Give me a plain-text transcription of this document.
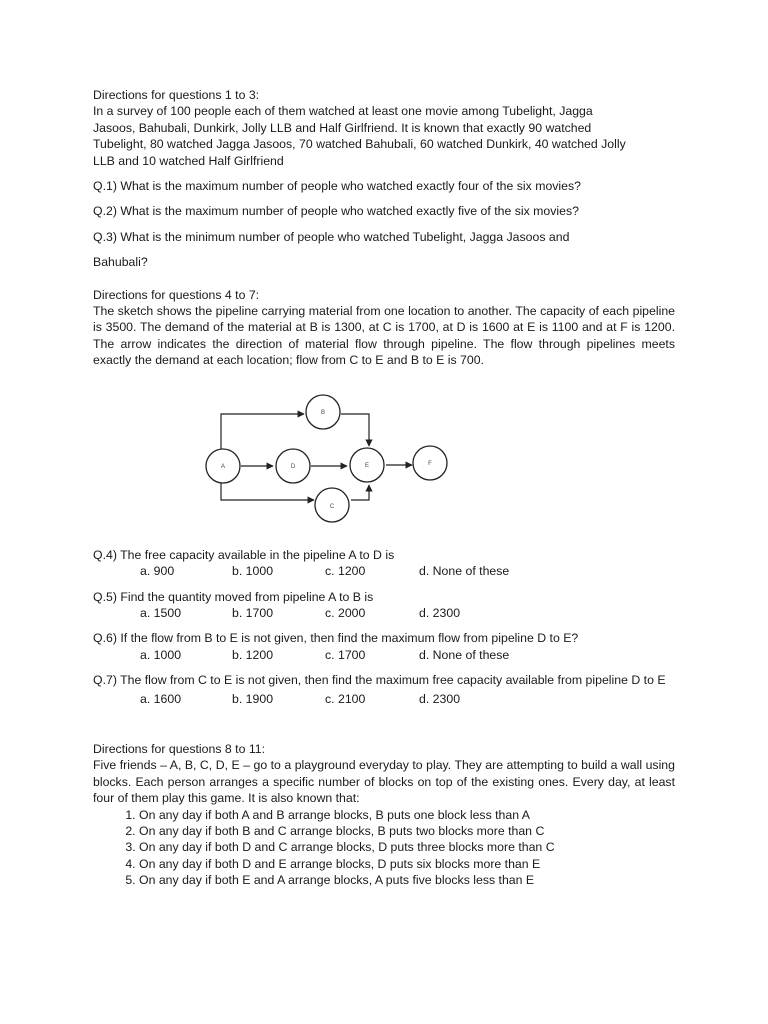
Directions for questions 1 to 3:

In a survey of 100 people each of them watched at least one movie among Tubelight, Jagga

Jasoos, Bahubali, Dunkirk, Jolly LLB and Half Girlfriend. It is known that exactly 90 watched

Tubelight, 80 watched Jagga Jasoos, 70 watched Bahubali, 60 watched Dunkirk, 40 watched Jolly

LLB and 10 watched Half Girlfriend

Q.1) What is the maximum number of people who watched exactly four of the six movies?

Q.2) What is the maximum number of people who watched exactly five of the six movies?

Q.3) What is the minimum number of people who watched Tubelight, Jagga Jasoos and

Bahubali?

Directions for questions 4 to 7:

The sketch shows the pipeline carrying material from one location to another. The capacity of each pipeline is 3500. The demand of the material at B is 1300, at C is 1700, at D is 1600 at E is 1100 and at F is 1200. The arrow indicates the direction of material flow through pipeline. The flow through pipelines meets exactly the demand at each location; flow from C to E and B to E is 700.

Q.4) The free capacity available in the pipeline A to D is

a. 900	b. 1000	c. 1200	d. None of these

Q.5) Find the quantity moved from pipeline A to B is

a. 1500	b. 1700	c. 2000	d. 2300

Q.6) If the flow from B to E is not given, then find the maximum flow from pipeline D to E?

a. 1000	b. 1200	c. 1700	d. None of these

Q.7) The flow from C to E is not given, then find the maximum free capacity available from pipeline D to E

a. 1600	b. 1900	c. 2100	d. 2300

Directions for questions 8 to 11:

Five friends – A, B, C, D, E – go to a playground everyday to play. They are attempting to build a wall using blocks. Each person arranges a specific number of blocks on top of the existing ones. Every day, at least four of them play this game. It is also known that:

1. On any day if both A and B arrange blocks, B puts one block less than A
2. On any day if both B and C arrange blocks, B puts two blocks more than C
3. On any day if both D and C arrange blocks, D puts three blocks more than C
4. On any day if both D and E arrange blocks, D puts six blocks more than E
5. On any day if both E and A arrange blocks, A puts five blocks less than E
A
B
D	E
C
F
